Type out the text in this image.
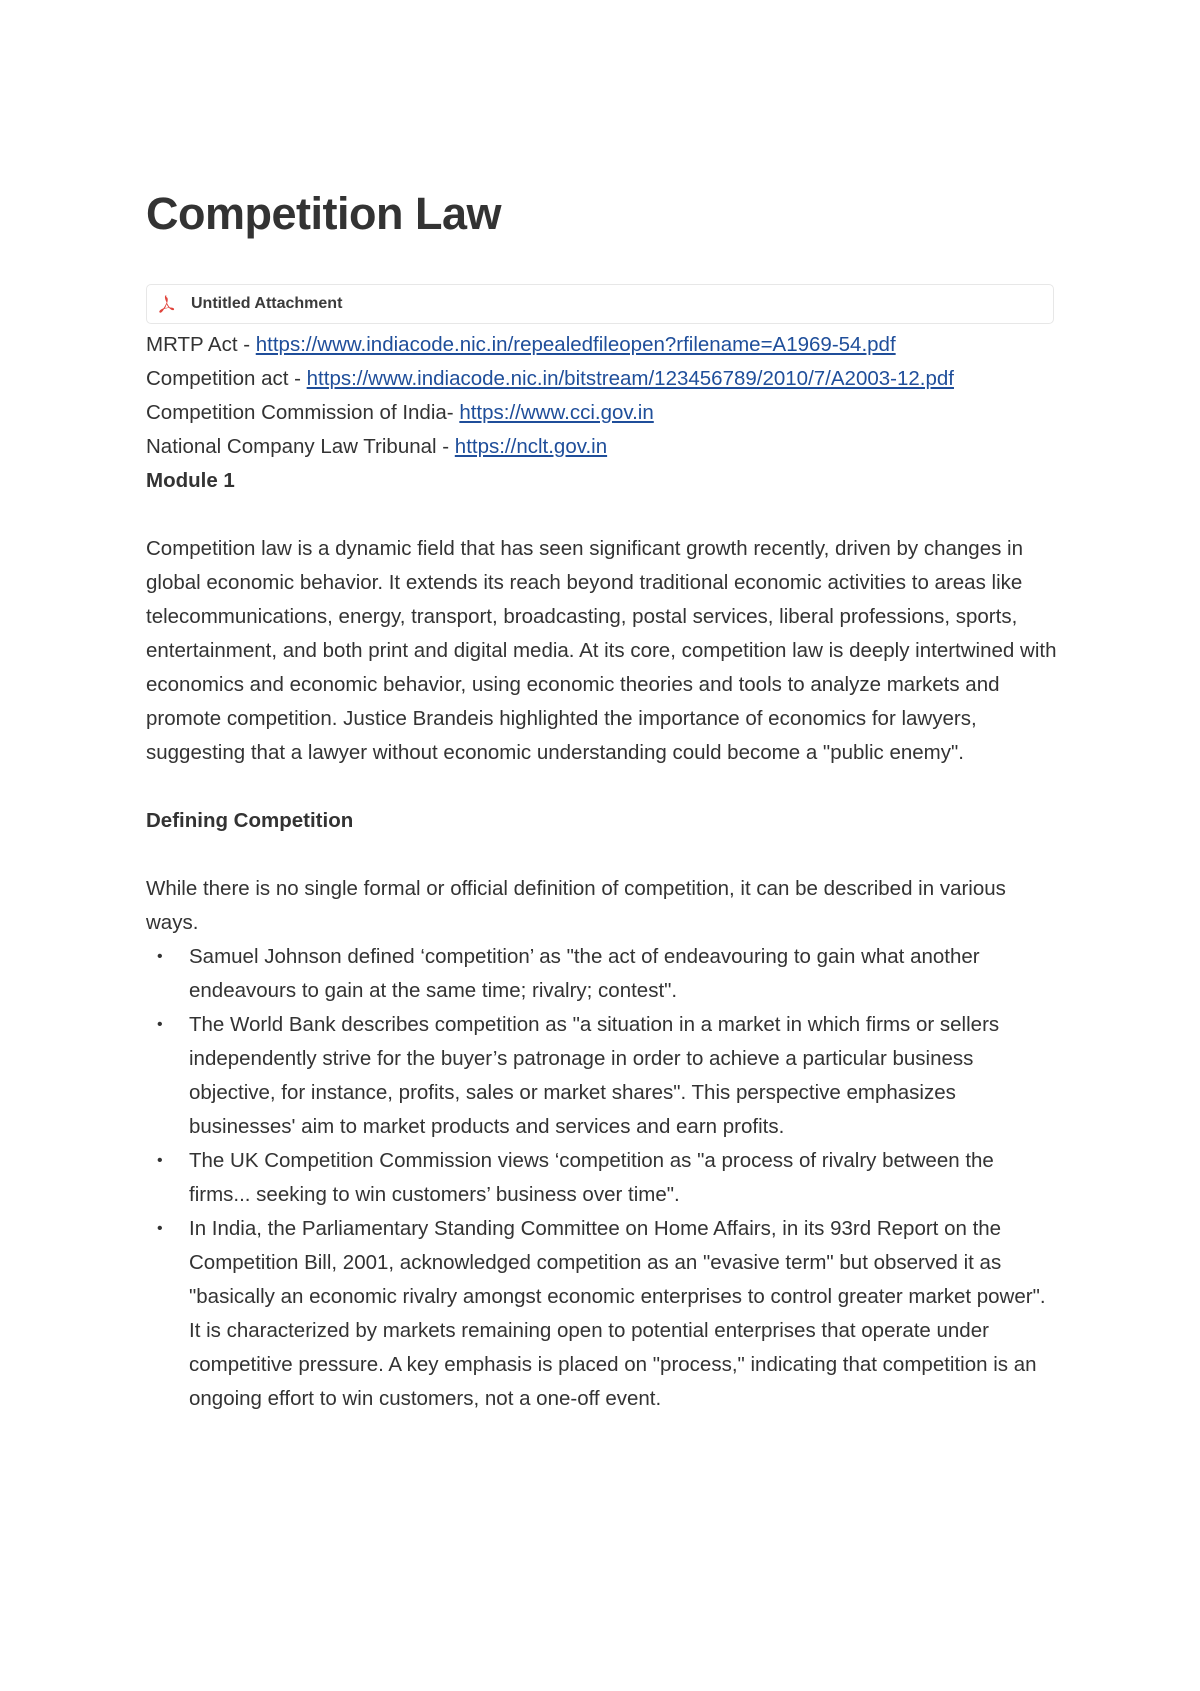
Competition Law
Untitled Attachment

MRTP Act - https://www.indiacode.nic.in/repealedfileopen?rfilename=A1969-54.pdf

Competition act - https://www.indiacode.nic.in/bitstream/123456789/2010/7/A2003-12.pdf

Competition Commission of India- https://www.cci.gov.in

National Company Law Tribunal - https://nclt.gov.in

Module 1

Competition law is a dynamic field that has seen significant growth recently, driven by changes in global economic behavior. It extends its reach beyond traditional economic activities to areas like telecommunications, energy, transport, broadcasting, postal services, liberal professions, sports, entertainment, and both print and digital media. At its core, competition law is deeply intertwined with economics and economic behavior, using economic theories and tools to analyze markets and promote competition. Justice Brandeis highlighted the importance of economics for lawyers, suggesting that a lawyer without economic understanding could become a "public enemy".

Defining Competition

While there is no single formal or official definition of competition, it can be described in various ways.

• Samuel Johnson defined ‘competition’ as "the act of endeavouring to gain what another endeavours to gain at the same time; rivalry; contest".
• The World Bank describes competition as "a situation in a market in which firms or sellers independently strive for the buyer’s patronage in order to achieve a particular business objective, for instance, profits, sales or market shares". This perspective emphasizes businesses' aim to market products and services and earn profits.
• The UK Competition Commission views ‘competition as "a process of rivalry between the firms... seeking to win customers’ business over time".
• In India, the Parliamentary Standing Committee on Home Affairs, in its 93rd Report on the Competition Bill, 2001, acknowledged competition as an "evasive term" but observed it as "basically an economic rivalry amongst economic enterprises to control greater market power". It is characterized by markets remaining open to potential enterprises that operate under competitive pressure. A key emphasis is placed on "process," indicating that competition is an ongoing effort to win customers, not a one-off event.
